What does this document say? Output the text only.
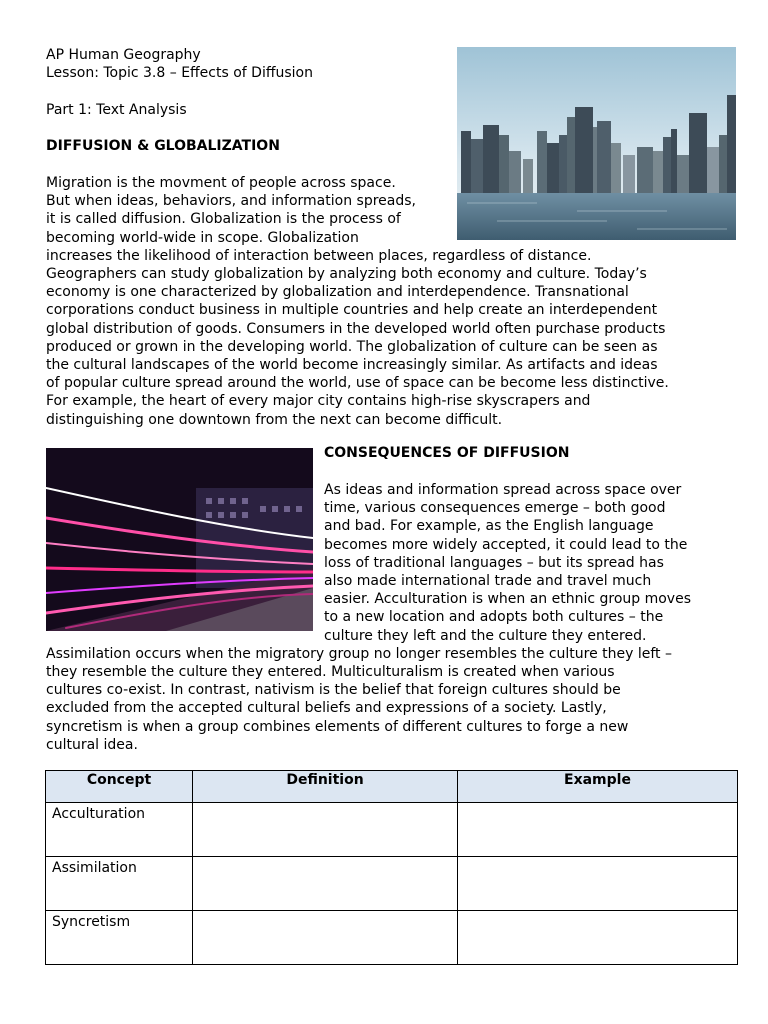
AP Human Geography
Lesson: Topic 3.8 – Effects of Diffusion
Part 1: Text Analysis
DIFFUSION & GLOBALIZATION
Migration is the movment of people across space.
But when ideas, behaviors, and information spreads,
it is called diffusion. Globalization is the process of
becoming world-wide in scope. Globalization
increases the likelihood of interaction between places, regardless of distance.
Geographers can study globalization by analyzing both economy and culture. Today’s
economy is one characterized by globalization and interdependence. Transnational
corporations conduct business in multiple countries and help create an interdependent
global distribution of goods. Consumers in the developed world often purchase products
produced or grown in the developing world. The globalization of culture can be seen as
the cultural landscapes of the world become increasingly similar. As artifacts and ideas
of popular culture spread around the world, use of space can be become less distinctive.
For example, the heart of every major city contains high-rise skyscrapers and
distinguishing one downtown from the next can become difficult.
CONSEQUENCES OF DIFFUSION
As ideas and information spread across space over
time, various consequences emerge – both good
and bad. For example, as the English language
becomes more widely accepted, it could lead to the
loss of traditional languages – but its spread has
also made international trade and travel much
easier. Acculturation is when an ethnic group moves
to a new location and adopts both cultures – the
culture they left and the culture they entered.
Assimilation occurs when the migratory group no longer resembles the culture they left –
they resemble the culture they entered. Multiculturalism is created when various
cultures co-exist. In contrast, nativism is the belief that foreign cultures should be
excluded from the accepted cultural beliefs and expressions of a society. Lastly,
syncretism is when a group combines elements of different cultures to forge a new
cultural idea.
Concept	Definition	Example
Acculturation		
Assimilation		
Syncretism		
